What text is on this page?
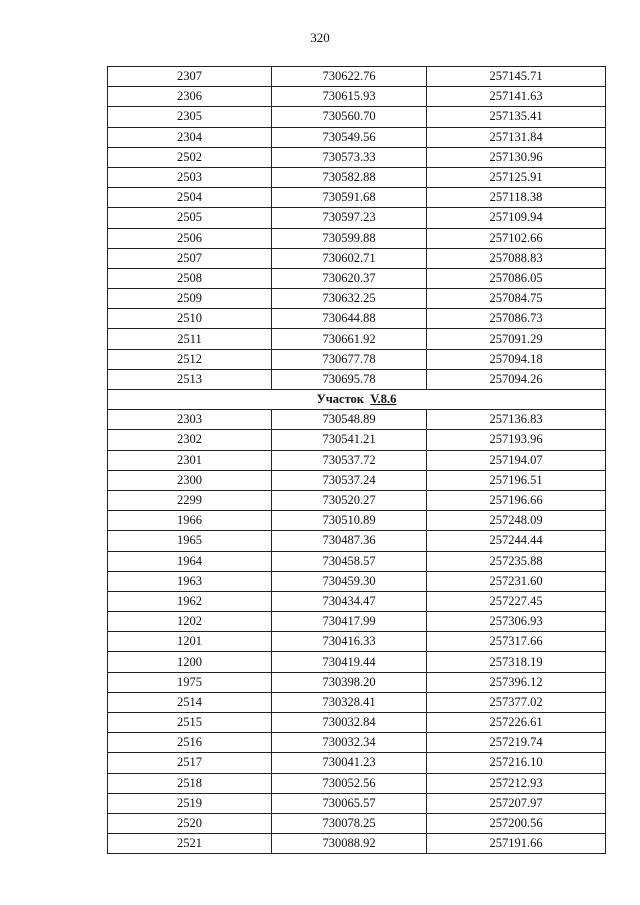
320
2307	730622.76	257145.71
2306	730615.93	257141.63
2305	730560.70	257135.41
2304	730549.56	257131.84
2502	730573.33	257130.96
2503	730582.88	257125.91
2504	730591.68	257118.38
2505	730597.23	257109.94
2506	730599.88	257102.66
2507	730602.71	257088.83
2508	730620.37	257086.05
2509	730632.25	257084.75
2510	730644.88	257086.73
2511	730661.92	257091.29
2512	730677.78	257094.18
2513	730695.78	257094.26
Участок V.8.6		
2303	730548.89	257136.83
2302	730541.21	257193.96
2301	730537.72	257194.07
2300	730537.24	257196.51
2299	730520.27	257196.66
1966	730510.89	257248.09
1965	730487.36	257244.44
1964	730458.57	257235.88
1963	730459.30	257231.60
1962	730434.47	257227.45
1202	730417.99	257306.93
1201	730416.33	257317.66
1200	730419.44	257318.19
1975	730398.20	257396.12
2514	730328.41	257377.02
2515	730032.84	257226.61
2516	730032.34	257219.74
2517	730041.23	257216.10
2518	730052.56	257212.93
2519	730065.57	257207.97
2520	730078.25	257200.56
2521	730088.92	257191.66
